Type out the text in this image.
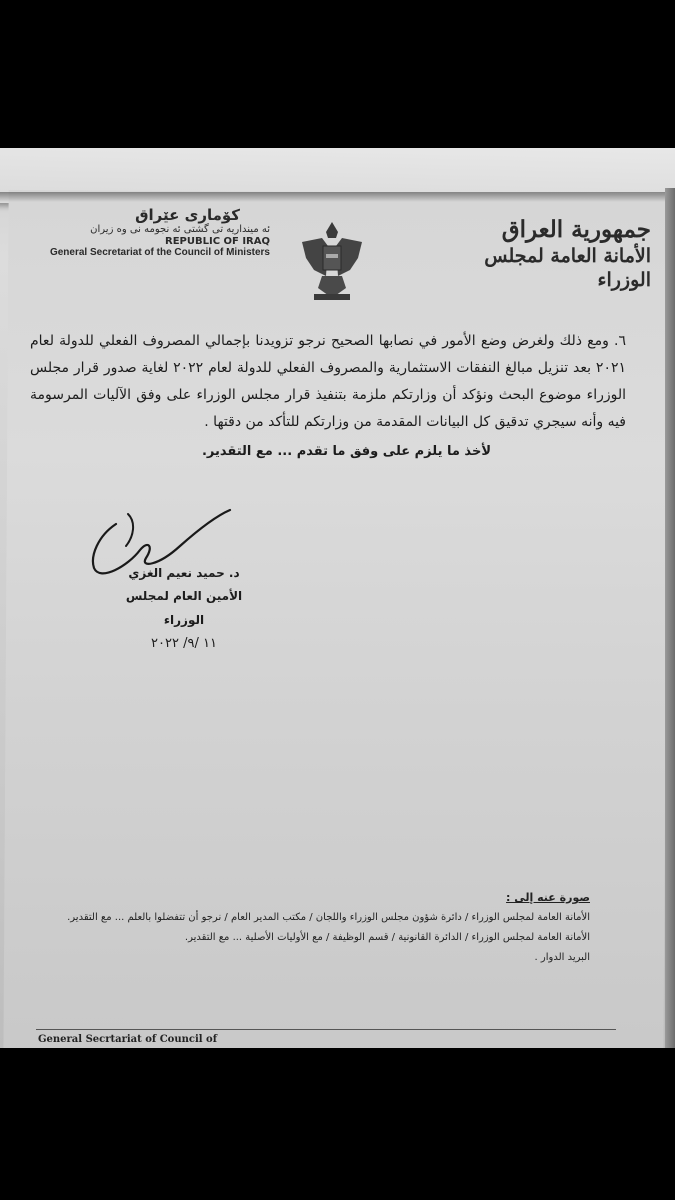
كوٚماری عێراق
ئه مینداریه تی گشتی ئه نجومه نی وه زیران
REPUBLIC OF IRAQ
General Secretariat of the Council of Ministers
جمهورية العراق
الأمانة العامة لمجلس الوزراء
٦. ومع ذلك ولغرض وضع الأمور في نصابها الصحيح نرجو تزويدنا بإجمالي المصروف الفعلي للدولة لعام ٢٠٢١ بعد تنزيل مبالغ النفقات الاستثمارية والمصروف الفعلي للدولة لعام ٢٠٢٢ لغاية صدور قرار مجلس الوزراء موضوع البحث ونؤكد أن وزارتكم ملزمة بتنفيذ قرار مجلس الوزراء على وفق الآليات المرسومة فيه وأنه سيجري تدقيق كل البيانات المقدمة من وزارتكم للتأكد من دقتها .
لأخذ ما يلزم على وفق ما تقدم ... مع التقدير.
د. حميد نعيم الغزي
الأمين العام لمجلس الوزراء
١١ /٩/ ٢٠٢٢
صورة عنه إلى :
الأمانة العامة لمجلس الوزراء / دائرة شؤون مجلس الوزراء واللجان / مكتب المدير العام / نرجو أن تتفضلوا بالعلم ... مع التقدير.
الأمانة العامة لمجلس الوزراء / الدائرة القانونية / قسم الوظيفة / مع الأوليات الأصلية ... مع التقدير.
البريد الدوار .
General Secrtariat of Council of
